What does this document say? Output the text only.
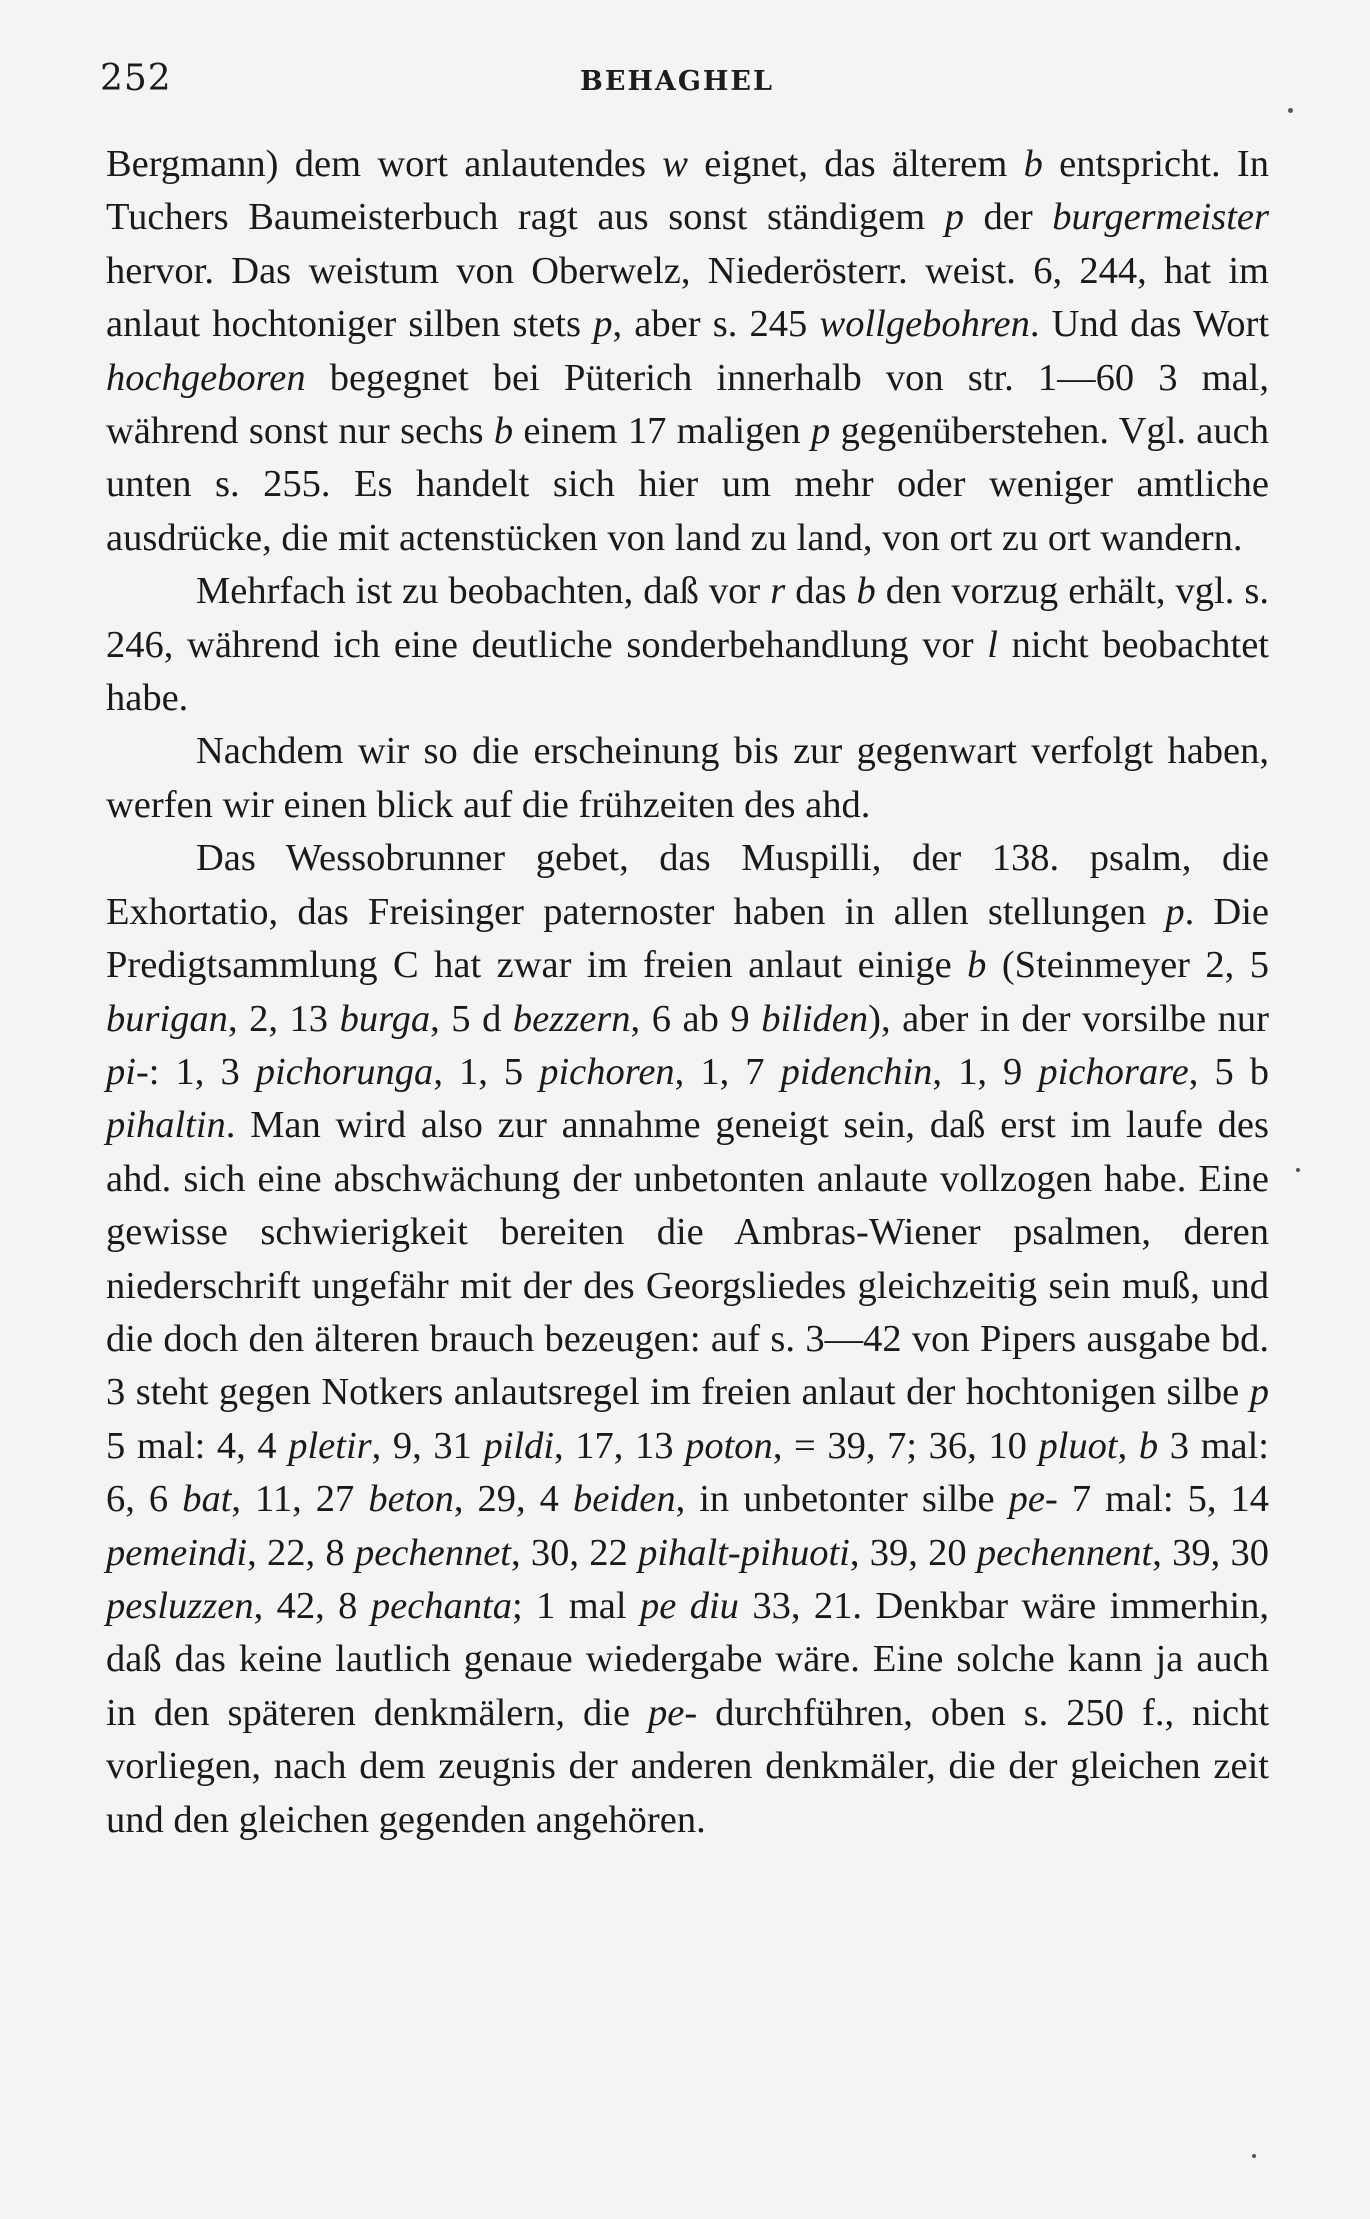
252	BEHAGHEL

Bergmann) dem wort anlautendes w eignet, das älterem b entspricht. In Tuchers Baumeisterbuch ragt aus sonst ständigem p der burgermeister hervor. Das weistum von Oberwelz, Niederösterr. weist. 6, 244, hat im anlaut hochtoniger silben stets p, aber s. 245 wollgebohren. Und das Wort hochgeboren begegnet bei Püterich innerhalb von str. 1—60 3 mal, während sonst nur sechs b einem 17 maligen p gegenüberstehen. Vgl. auch unten s. 255. Es handelt sich hier um mehr oder weniger amtliche ausdrücke, die mit actenstücken von land zu land, von ort zu ort wandern.

Mehrfach ist zu beobachten, daß vor r das b den vorzug erhält, vgl. s. 246, während ich eine deutliche sonderbehandlung vor l nicht beobachtet habe.

Nachdem wir so die erscheinung bis zur gegenwart verfolgt haben, werfen wir einen blick auf die frühzeiten des ahd.

Das Wessobrunner gebet, das Muspilli, der 138. psalm, die Exhortatio, das Freisinger paternoster haben in allen stellungen p. Die Predigtsammlung C hat zwar im freien anlaut einige b (Steinmeyer 2, 5 burigan, 2, 13 burga, 5 d bezzern, 6 ab 9 biliden), aber in der vorsilbe nur pi-: 1, 3 pichorunga, 1, 5 pichoren, 1, 7 pidenchin, 1, 9 pichorare, 5 b pihaltin. Man wird also zur annahme geneigt sein, daß erst im laufe des ahd. sich eine abschwächung der unbetonten anlaute vollzogen habe. Eine gewisse schwierigkeit bereiten die Ambras-Wiener psalmen, deren niederschrift ungefähr mit der des Georgsliedes gleichzeitig sein muß, und die doch den älteren brauch bezeugen: auf s. 3—42 von Pipers ausgabe bd. 3 steht gegen Notkers anlautsregel im freien anlaut der hochtonigen silbe p 5 mal: 4, 4 pletir, 9, 31 pildi, 17, 13 poton, = 39, 7; 36, 10 pluot, b 3 mal: 6, 6 bat, 11, 27 beton, 29, 4 beiden, in unbetonter silbe pe- 7 mal: 5, 14 pemeindi, 22, 8 pechennet, 30, 22 pihalt-pihuoti, 39, 20 pechennent, 39, 30 pesluzzen, 42, 8 pechanta; 1 mal pe diu 33, 21. Denkbar wäre immerhin, daß das keine lautlich genaue wiedergabe wäre. Eine solche kann ja auch in den späteren denkmälern, die pe- durchführen, oben s. 250 f., nicht vorliegen, nach dem zeugnis der anderen denkmäler, die der gleichen zeit und den gleichen gegenden angehören.
